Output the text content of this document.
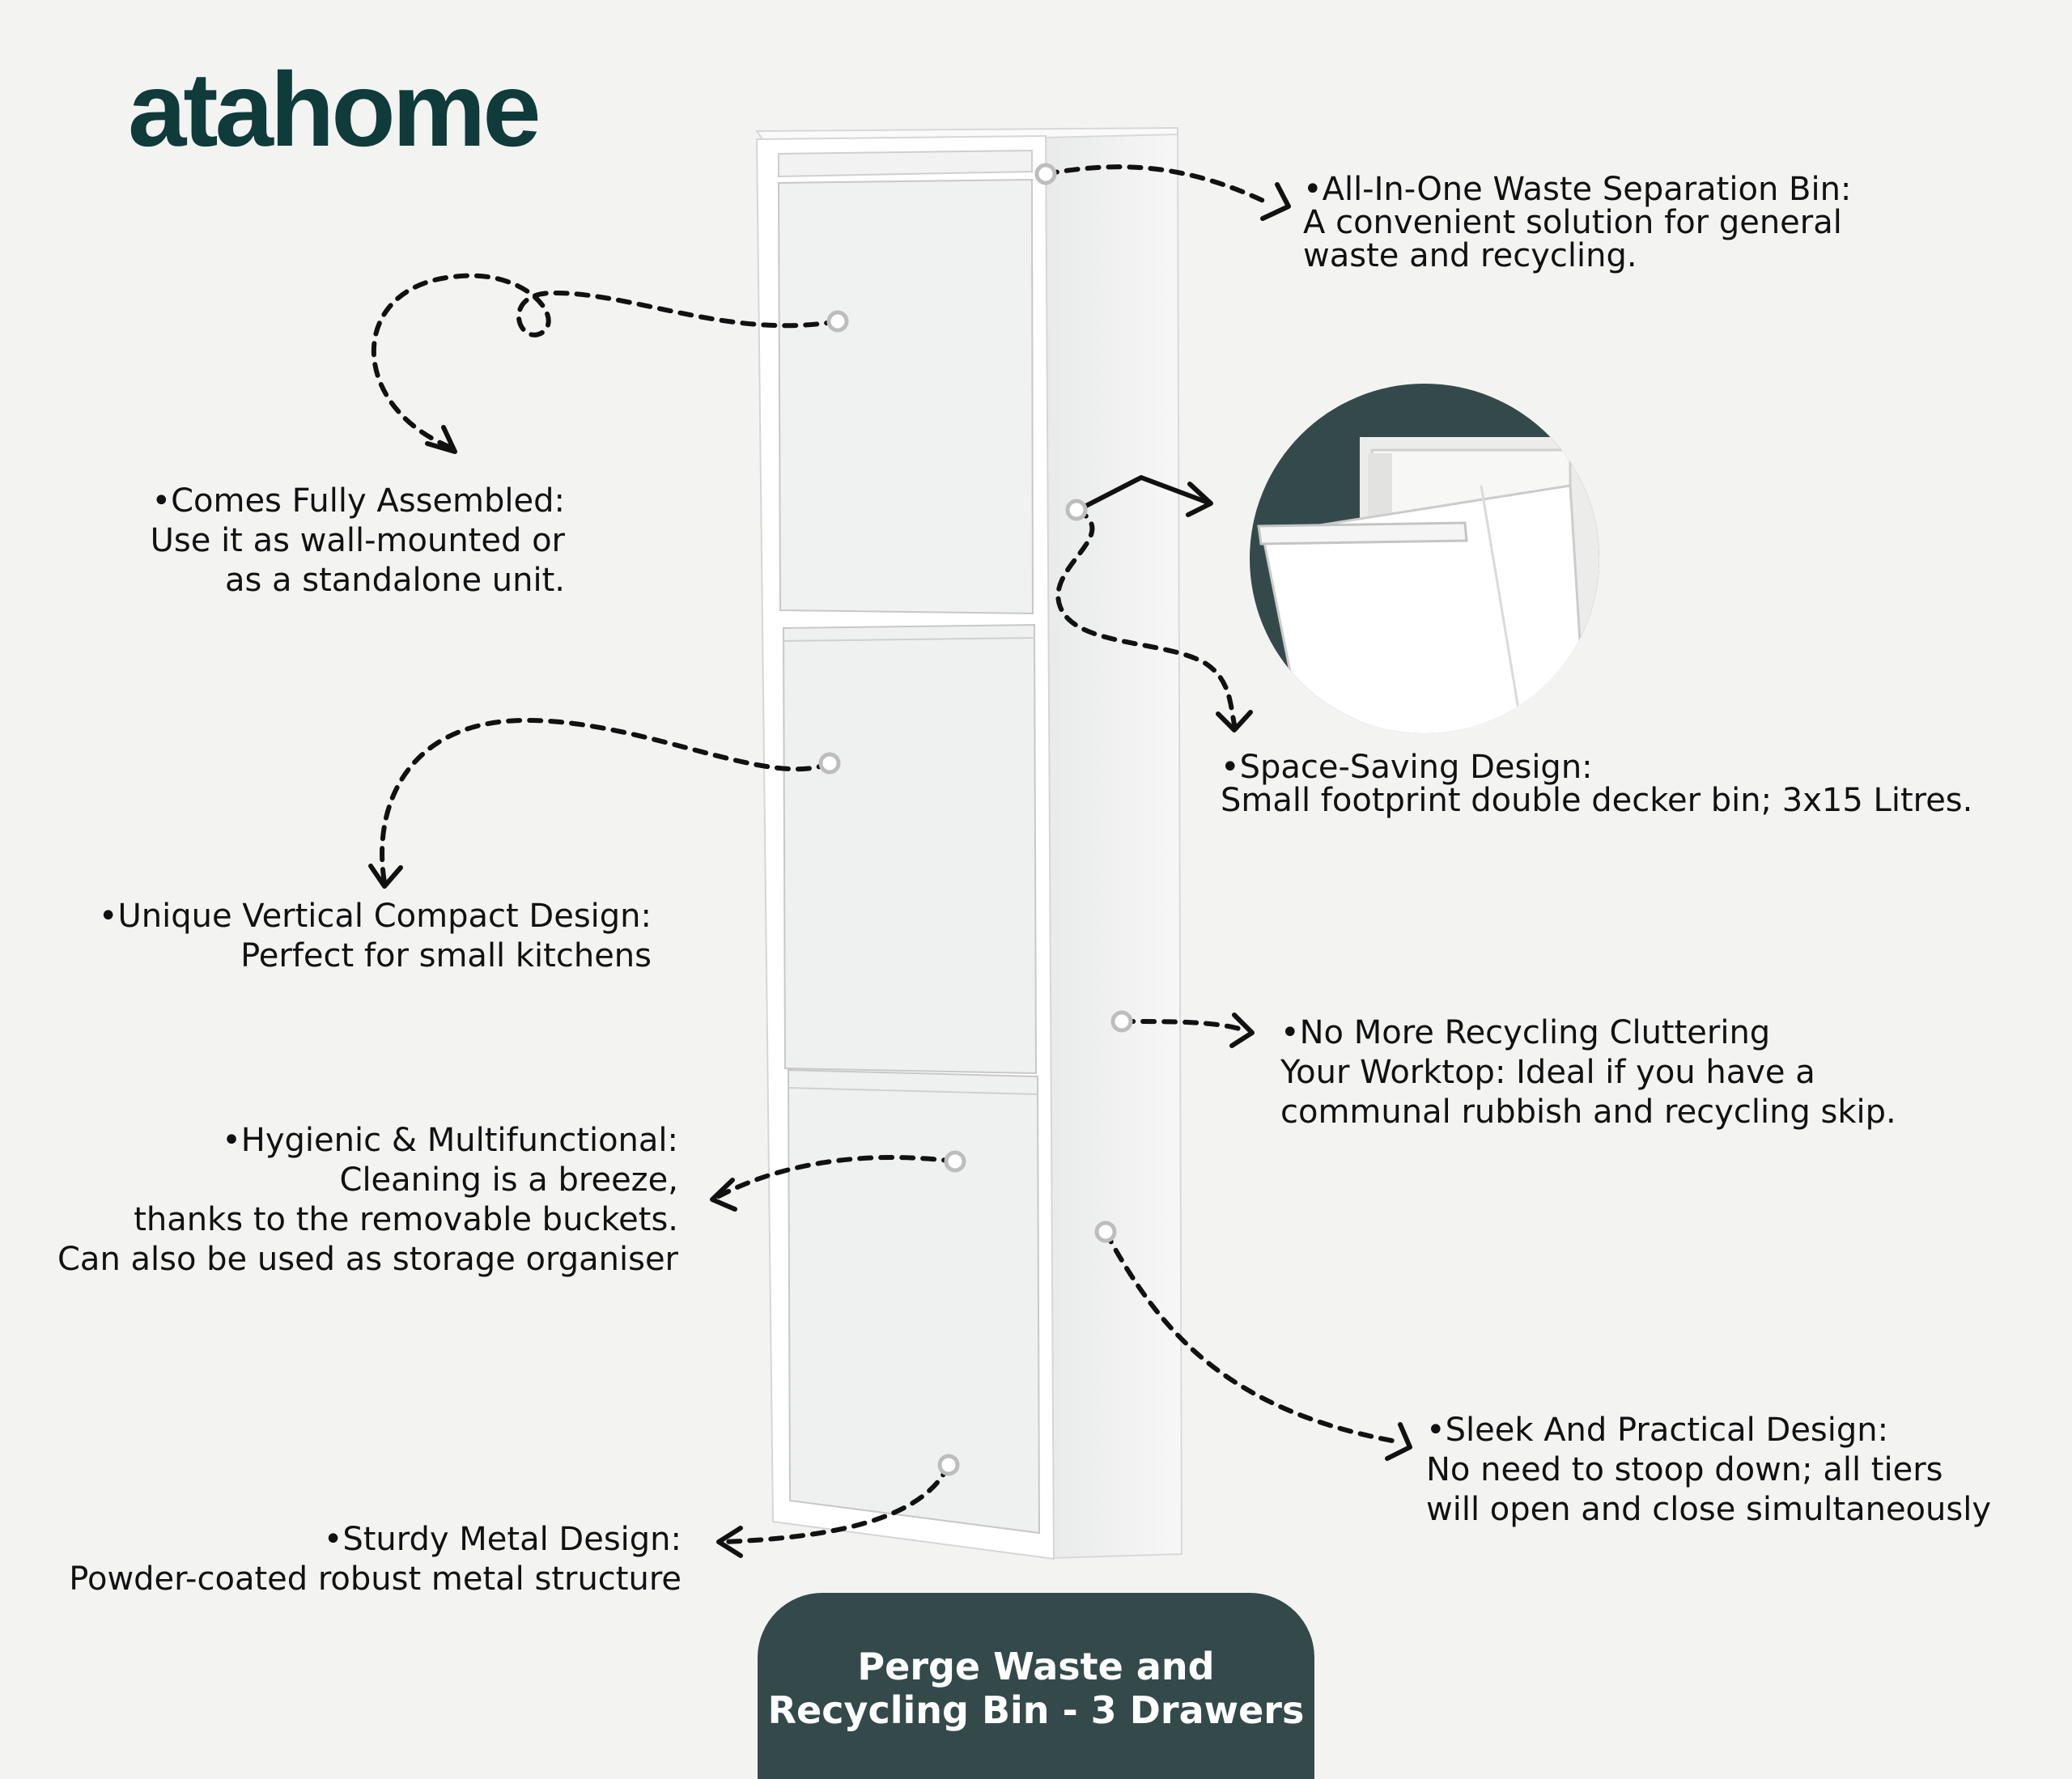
atahome
•All-In-One Waste Separation Bin:
A convenient solution for general
waste and recycling.
•Comes Fully Assembled:
Use it as wall-mounted or
as a standalone unit.
•Space-Saving Design:
Small footprint double decker bin; 3x15 Litres.
•Unique Vertical Compact Design:
Perfect for small kitchens
•No More Recycling Cluttering
Your Worktop: Ideal if you have a
communal rubbish and recycling skip.
•Hygienic & Multifunctional:
Cleaning is a breeze,
thanks to the removable buckets.
Can also be used as storage organiser
•Sleek And Practical Design:
No need to stoop down; all tiers
will open and close simultaneously
•Sturdy Metal Design:
Powder-coated robust metal structure
Perge Waste and
Recycling Bin - 3 Drawers
